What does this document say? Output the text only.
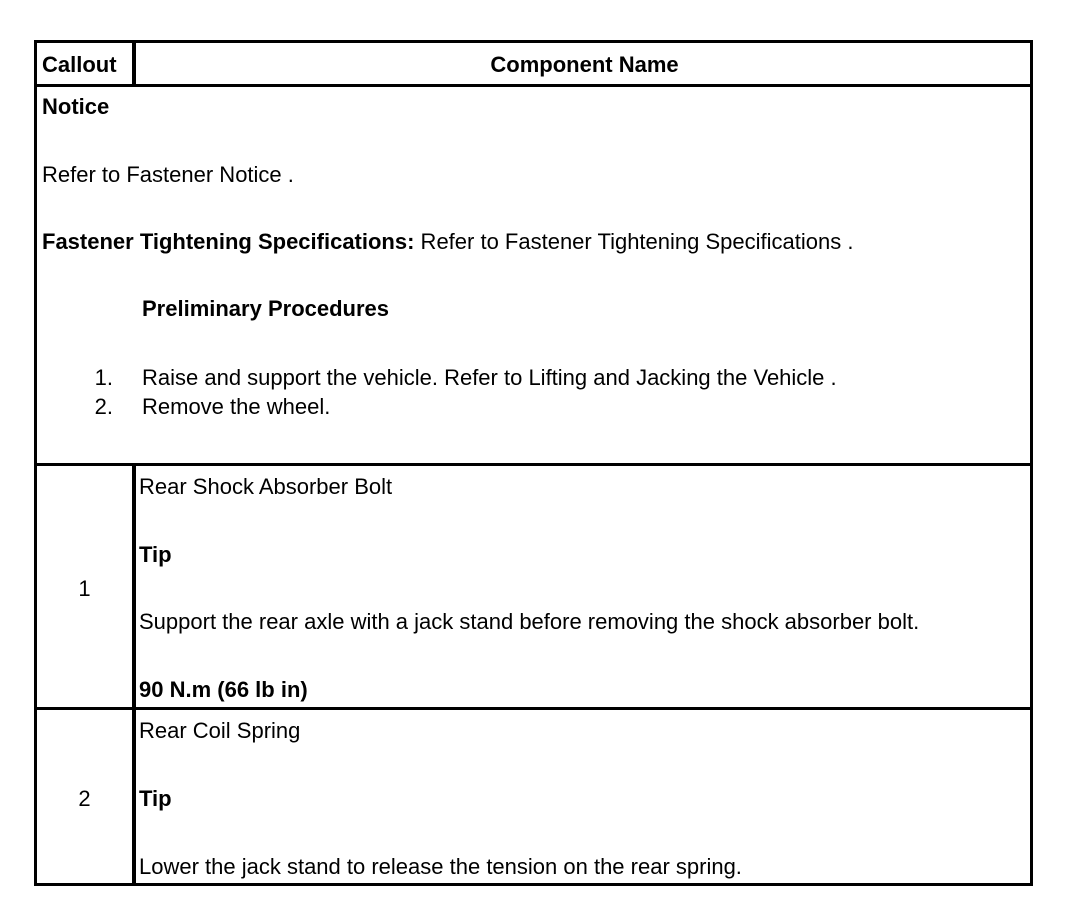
Callout	Component Name
Notice
Refer to Fastener Notice .
Fastener Tightening Specifications: Refer to Fastener Tightening Specifications .
Preliminary Procedures
1. Raise and support the vehicle. Refer to Lifting and Jacking the Vehicle .
2. Remove the wheel.
1
Rear Shock Absorber Bolt
Tip
Support the rear axle with a jack stand before removing the shock absorber bolt.
90 N.m (66 lb in)
2
Rear Coil Spring
Tip
Lower the jack stand to release the tension on the rear spring.
